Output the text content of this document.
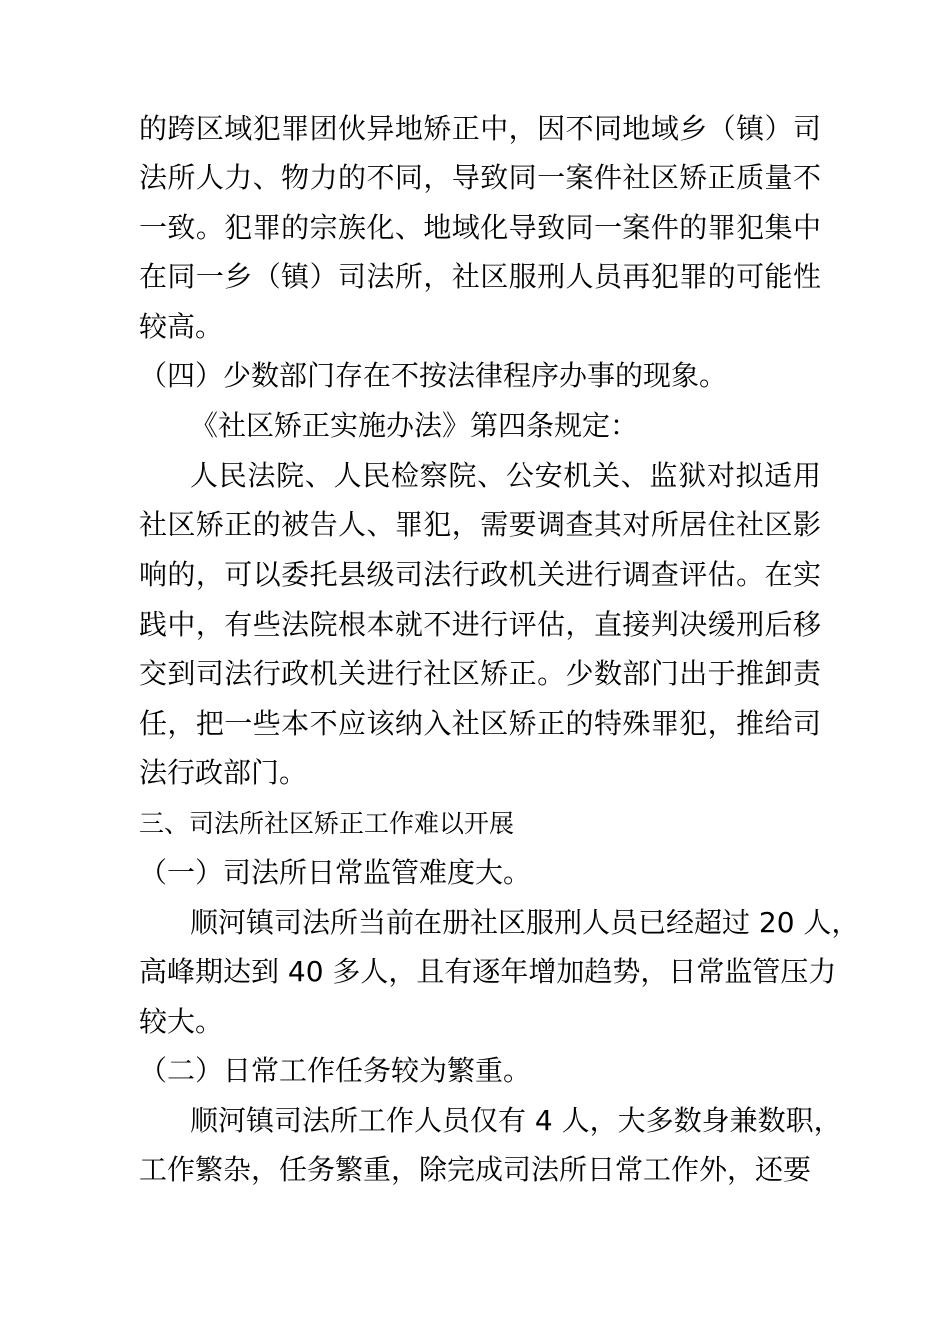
的跨区域犯罪团伙异地矫正中，因不同地域乡（镇）司

法所人力、物力的不同，导致同一案件社区矫正质量不

一致。犯罪的宗族化、地域化导致同一案件的罪犯集中

在同一乡（镇）司法所，社区服刑人员再犯罪的可能性

较高。

（四）少数部门存在不按法律程序办事的现象。

《社区矫正实施办法》第四条规定：

人民法院、人民检察院、公安机关、监狱对拟适用

社区矫正的被告人、罪犯，需要调查其对所居住社区影

响的，可以委托县级司法行政机关进行调查评估。在实

践中，有些法院根本就不进行评估，直接判决缓刑后移

交到司法行政机关进行社区矫正。少数部门出于推卸责

任，把一些本不应该纳入社区矫正的特殊罪犯，推给司

法行政部门。

三、司法所社区矫正工作难以开展

（一）司法所日常监管难度大。

顺河镇司法所当前在册社区服刑人员已经超过 20 人，

高峰期达到 40 多人，且有逐年增加趋势，日常监管压力

较大。

（二）日常工作任务较为繁重。

顺河镇司法所工作人员仅有 4 人，大多数身兼数职，

工作繁杂，任务繁重，除完成司法所日常工作外，还要
